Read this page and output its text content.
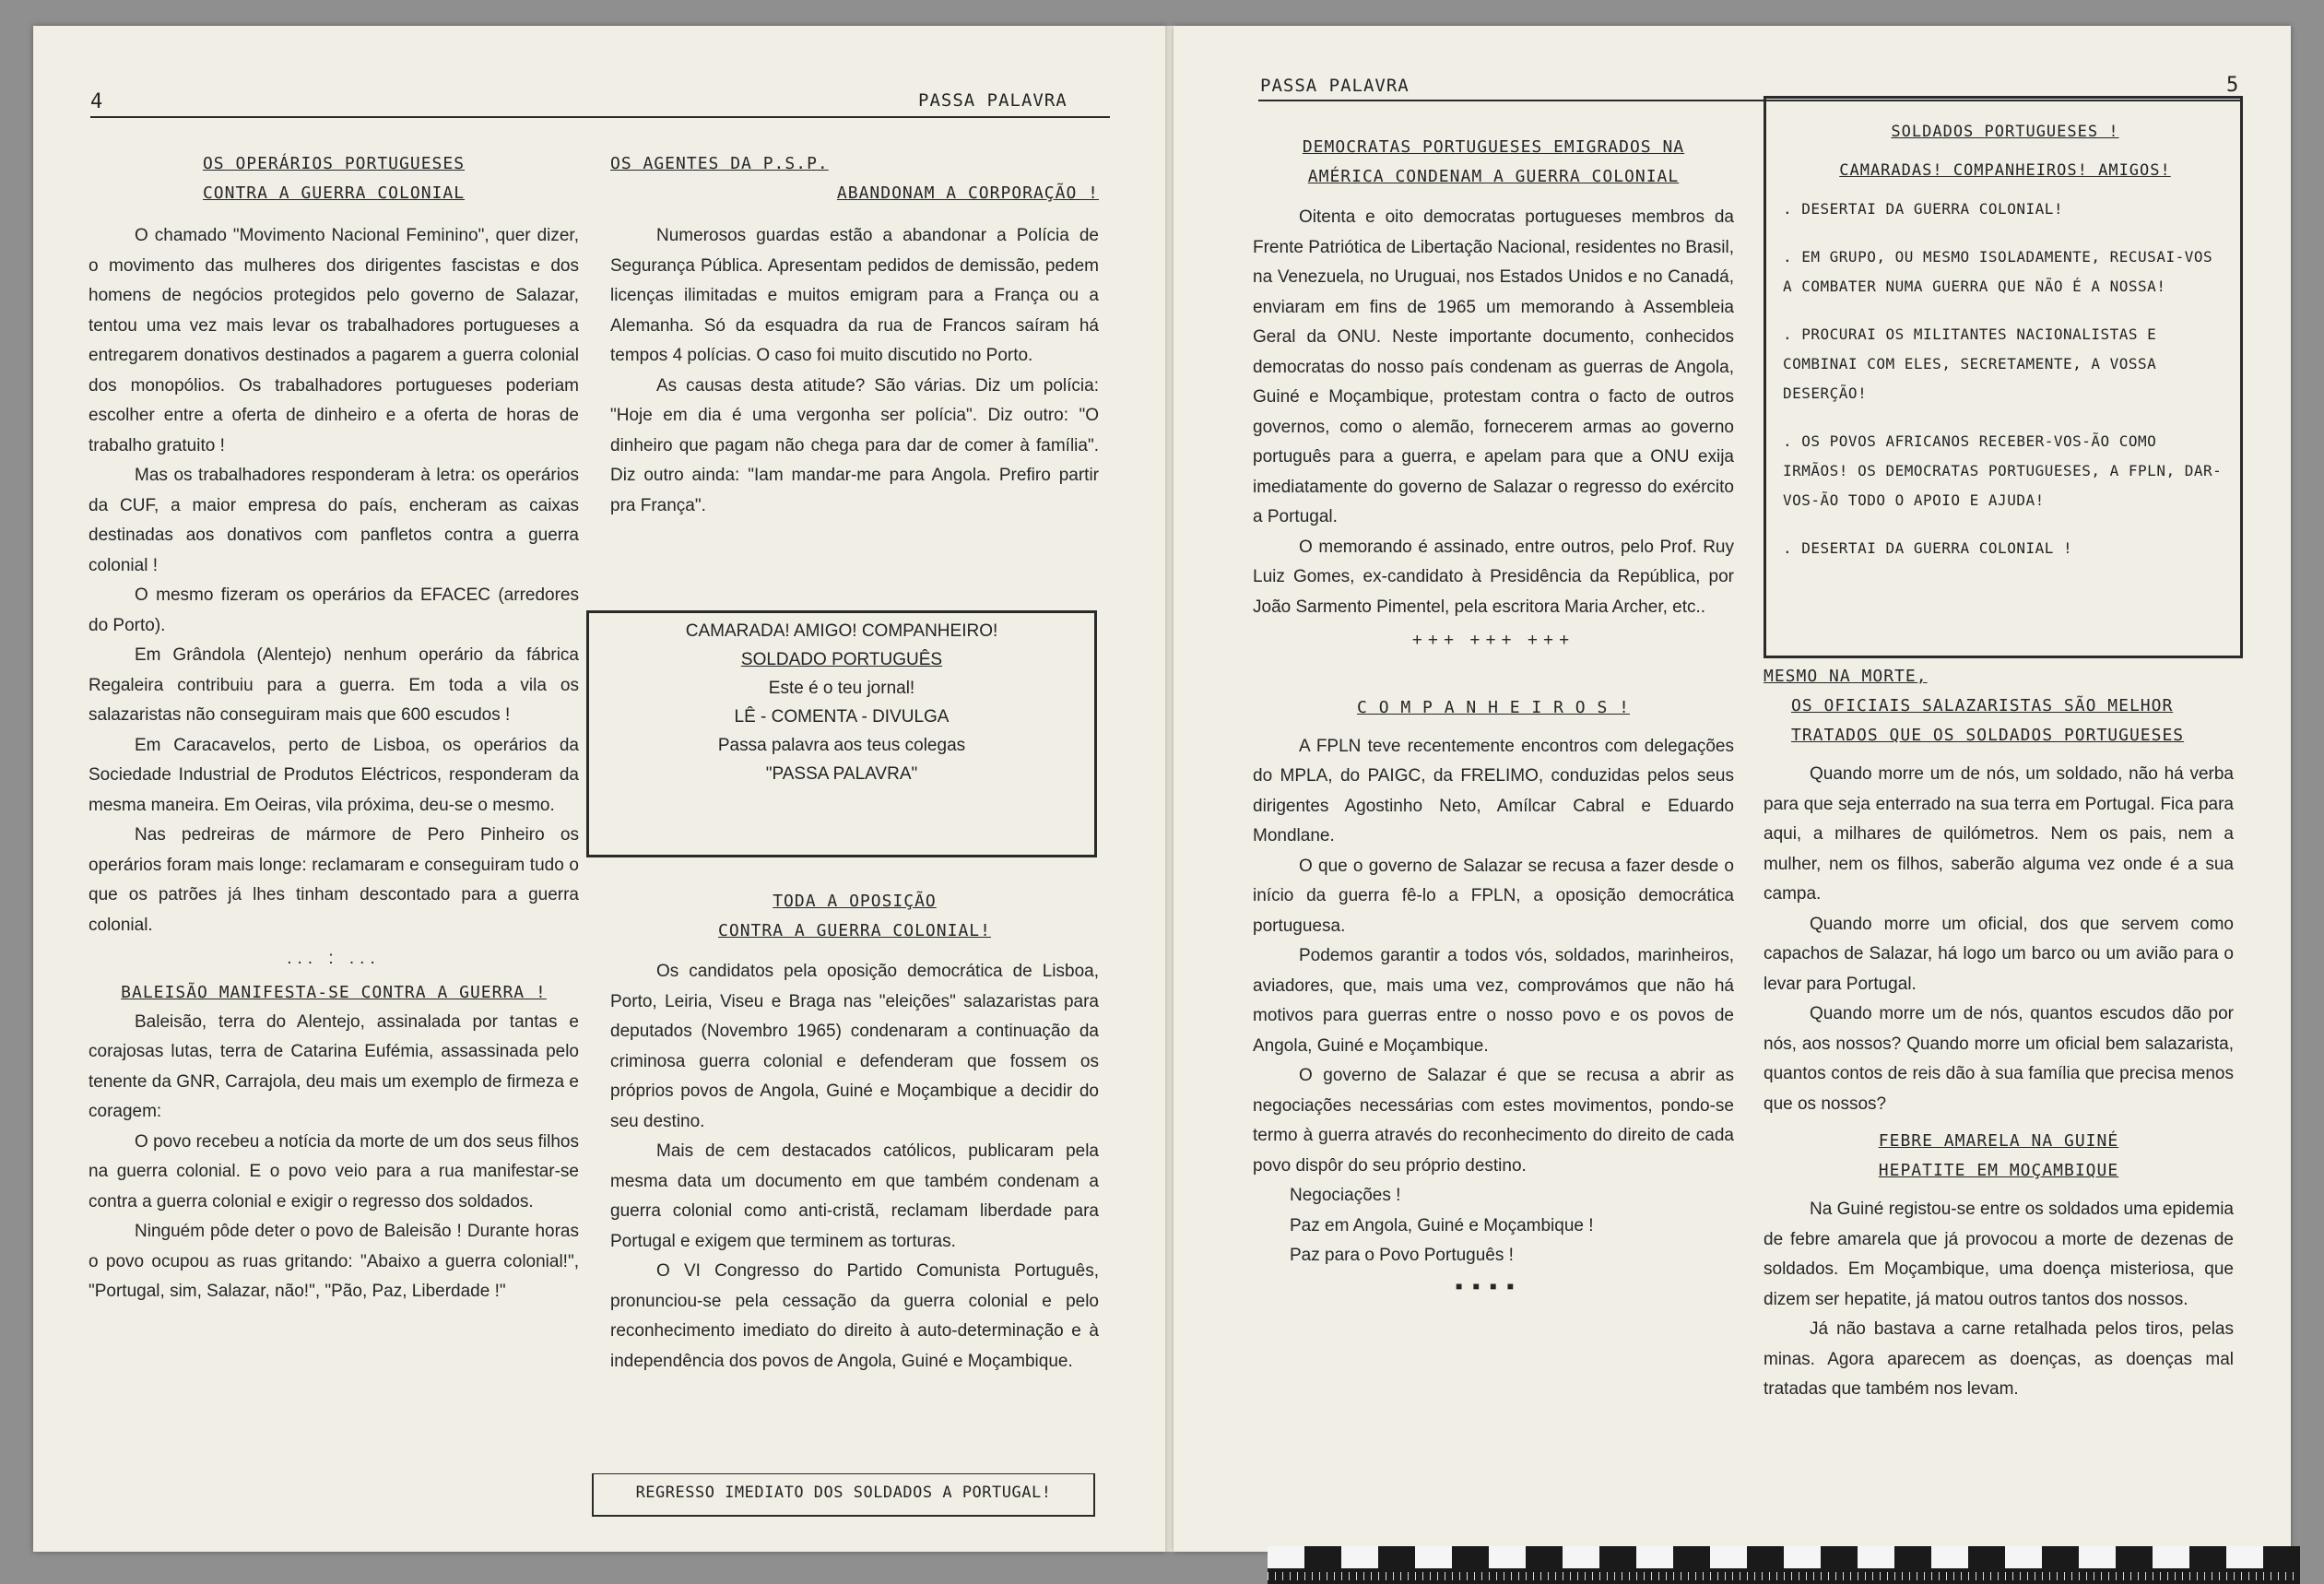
4	PASSA PALAVRA
OS OPERÁRIOS PORTUGUESES
CONTRA A GUERRA COLONIAL

O chamado "Movimento Nacional Feminino", quer dizer, o movimento das mulheres dos dirigentes fascistas e dos homens de negócios protegidos pelo governo de Salazar, tentou uma vez mais levar os trabalhadores portugueses a entregarem donativos destinados a pagarem a guerra colonial dos monopólios. Os trabalhadores portugueses poderiam escolher entre a oferta de dinheiro e a oferta de horas de trabalho gratuito !

Mas os trabalhadores responderam à letra: os operários da CUF, a maior empresa do país, encheram as caixas destinadas aos donativos com panfletos contra a guerra colonial !

O mesmo fizeram os operários da EFACEC (arredores do Porto).

Em Grândola (Alentejo) nenhum operário da fábrica Regaleira contribuiu para a guerra. Em toda a vila os salazaristas não conseguiram mais que 600 escudos !

Em Caracavelos, perto de Lisboa, os operários da Sociedade Industrial de Produtos Eléctricos, responderam da mesma maneira. Em Oeiras, vila próxima, deu-se o mesmo.

Nas pedreiras de mármore de Pero Pinheiro os operários foram mais longe: reclamaram e conseguiram tudo o que os patrões já lhes tinham descontado para a guerra colonial.

... : ...
BALEISÃO MANIFESTA-SE CONTRA A GUERRA !

Baleisão, terra do Alentejo, assinalada por tantas e corajosas lutas, terra de Catarina Eufémia, assassinada pelo tenente da GNR, Carrajola, deu mais um exemplo de firmeza e coragem:

O povo recebeu a notícia da morte de um dos seus filhos na guerra colonial. E o povo veio para a rua manifestar-se contra a guerra colonial e exigir o regresso dos soldados.

Ninguém pôde deter o povo de Baleisão ! Durante horas o povo ocupou as ruas gritando: "Abaixo a guerra colonial!", "Portugal, sim, Salazar, não!", "Pão, Paz, Liberdade !"

OS AGENTES DA P.S.P.
ABANDONAM A CORPORAÇÃO !

Numerosos guardas estão a abandonar a Polícia de Segurança Pública. Apresentam pedidos de demissão, pedem licenças ilimitadas e muitos emigram para a França ou a Alemanha. Só da esquadra da rua de Francos saíram há tempos 4 polícias. O caso foi muito discutido no Porto.

As causas desta atitude? São várias. Diz um polícia: "Hoje em dia é uma vergonha ser polícia". Diz outro: "O dinheiro que pagam não chega para dar de comer à família". Diz outro ainda: "Iam mandar-me para Angola. Prefiro partir pra França".

CAMARADA! AMIGO! COMPANHEIRO!
SOLDADO PORTUGUÊS
Este é o teu jornal!
LÊ - COMENTA - DIVULGA
Passa palavra aos teus colegas
"PASSA PALAVRA"
TODA A OPOSIÇÃO
CONTRA A GUERRA COLONIAL!

Os candidatos pela oposição democrática de Lisboa, Porto, Leiria, Viseu e Braga nas "eleições" salazaristas para deputados (Novembro 1965) condenaram a continuação da criminosa guerra colonial e defenderam que fossem os próprios povos de Angola, Guiné e Moçambique a decidir do seu destino.

Mais de cem destacados católicos, publicaram pela mesma data um documento em que também condenam a guerra colonial como anti-cristã, reclamam liberdade para Portugal e exigem que terminem as torturas.

O VI Congresso do Partido Comunista Português, pronunciou-se pela cessação da guerra colonial e pelo reconhecimento imediato do direito à auto-determinação e à independência dos povos de Angola, Guiné e Moçambique.

REGRESSO IMEDIATO DOS SOLDADOS A PORTUGAL!
PASSA PALAVRA	5
DEMOCRATAS PORTUGUESES EMIGRADOS NA
AMÉRICA CONDENAM A GUERRA COLONIAL

Oitenta e oito democratas portugueses membros da Frente Patriótica de Libertação Nacional, residentes no Brasil, na Venezuela, no Uruguai, nos Estados Unidos e no Canadá, enviaram em fins de 1965 um memorando à Assembleia Geral da ONU. Neste importante documento, conhecidos democratas do nosso país condenam as guerras de Angola, Guiné e Moçambique, protestam contra o facto de outros governos, como o alemão, fornecerem armas ao governo português para a guerra, e apelam para que a ONU exija imediatamente do governo de Salazar o regresso do exército a Portugal.

O memorando é assinado, entre outros, pelo Prof. Ruy Luiz Gomes, ex-candidato à Presidência da República, por João Sarmento Pimentel, pela escritora Maria Archer, etc..

+++ +++ +++
C O M P A N H E I R O S !

A FPLN teve recentemente encontros com delegações do MPLA, do PAIGC, da FRELIMO, conduzidas pelos seus dirigentes Agostinho Neto, Amílcar Cabral e Eduardo Mondlane.

O que o governo de Salazar se recusa a fazer desde o início da guerra fê-lo a FPLN, a oposição democrática portuguesa.

Podemos garantir a todos vós, soldados, marinheiros, aviadores, que, mais uma vez, comprovámos que não há motivos para guerras entre o nosso povo e os povos de Angola, Guiné e Moçambique.

O governo de Salazar é que se recusa a abrir as negociações necessárias com estes movimentos, pondo-se termo à guerra através do reconhecimento do direito de cada povo dispôr do seu próprio destino.

Negociações !

Paz em Angola, Guiné e Moçambique !

Paz para o Povo Português !

■ ■ ■ ■
SOLDADOS PORTUGUESES !
CAMARADAS! COMPANHEIROS! AMIGOS!
. DESERTAI DA GUERRA COLONIAL!
. EM GRUPO, OU MESMO ISOLADAMENTE, RECUSAI-VOS A COMBATER NUMA GUERRA QUE NÃO É A NOSSA!
. PROCURAI OS MILITANTES NACIONALISTAS E COMBINAI COM ELES, SECRETAMENTE, A VOSSA DESERÇÃO!
. OS POVOS AFRICANOS RECEBER-VOS-ÃO COMO IRMÃOS! OS DEMOCRATAS PORTUGUESES, A FPLN, DAR-VOS-ÃO TODO O APOIO E AJUDA!
. DESERTAI DA GUERRA COLONIAL !
MESMO NA MORTE,
OS OFICIAIS SALAZARISTAS SÃO MELHOR
TRATADOS QUE OS SOLDADOS PORTUGUESES

Quando morre um de nós, um soldado, não há verba para que seja enterrado na sua terra em Portugal. Fica para aqui, a milhares de quilómetros. Nem os pais, nem a mulher, nem os filhos, saberão alguma vez onde é a sua campa.

Quando morre um oficial, dos que servem como capachos de Salazar, há logo um barco ou um avião para o levar para Portugal.

Quando morre um de nós, quantos escudos dão por nós, aos nossos? Quando morre um oficial bem salazarista, quantos contos de reis dão à sua família que precisa menos que os nossos?

FEBRE AMARELA NA GUINÉ
HEPATITE EM MOÇAMBIQUE

Na Guiné registou-se entre os soldados uma epidemia de febre amarela que já provocou a morte de dezenas de soldados. Em Moçambique, uma doença misteriosa, que dizem ser hepatite, já matou outros tantos dos nossos.

Já não bastava a carne retalhada pelos tiros, pelas minas. Agora aparecem as doenças, as doenças mal tratadas que também nos levam.
